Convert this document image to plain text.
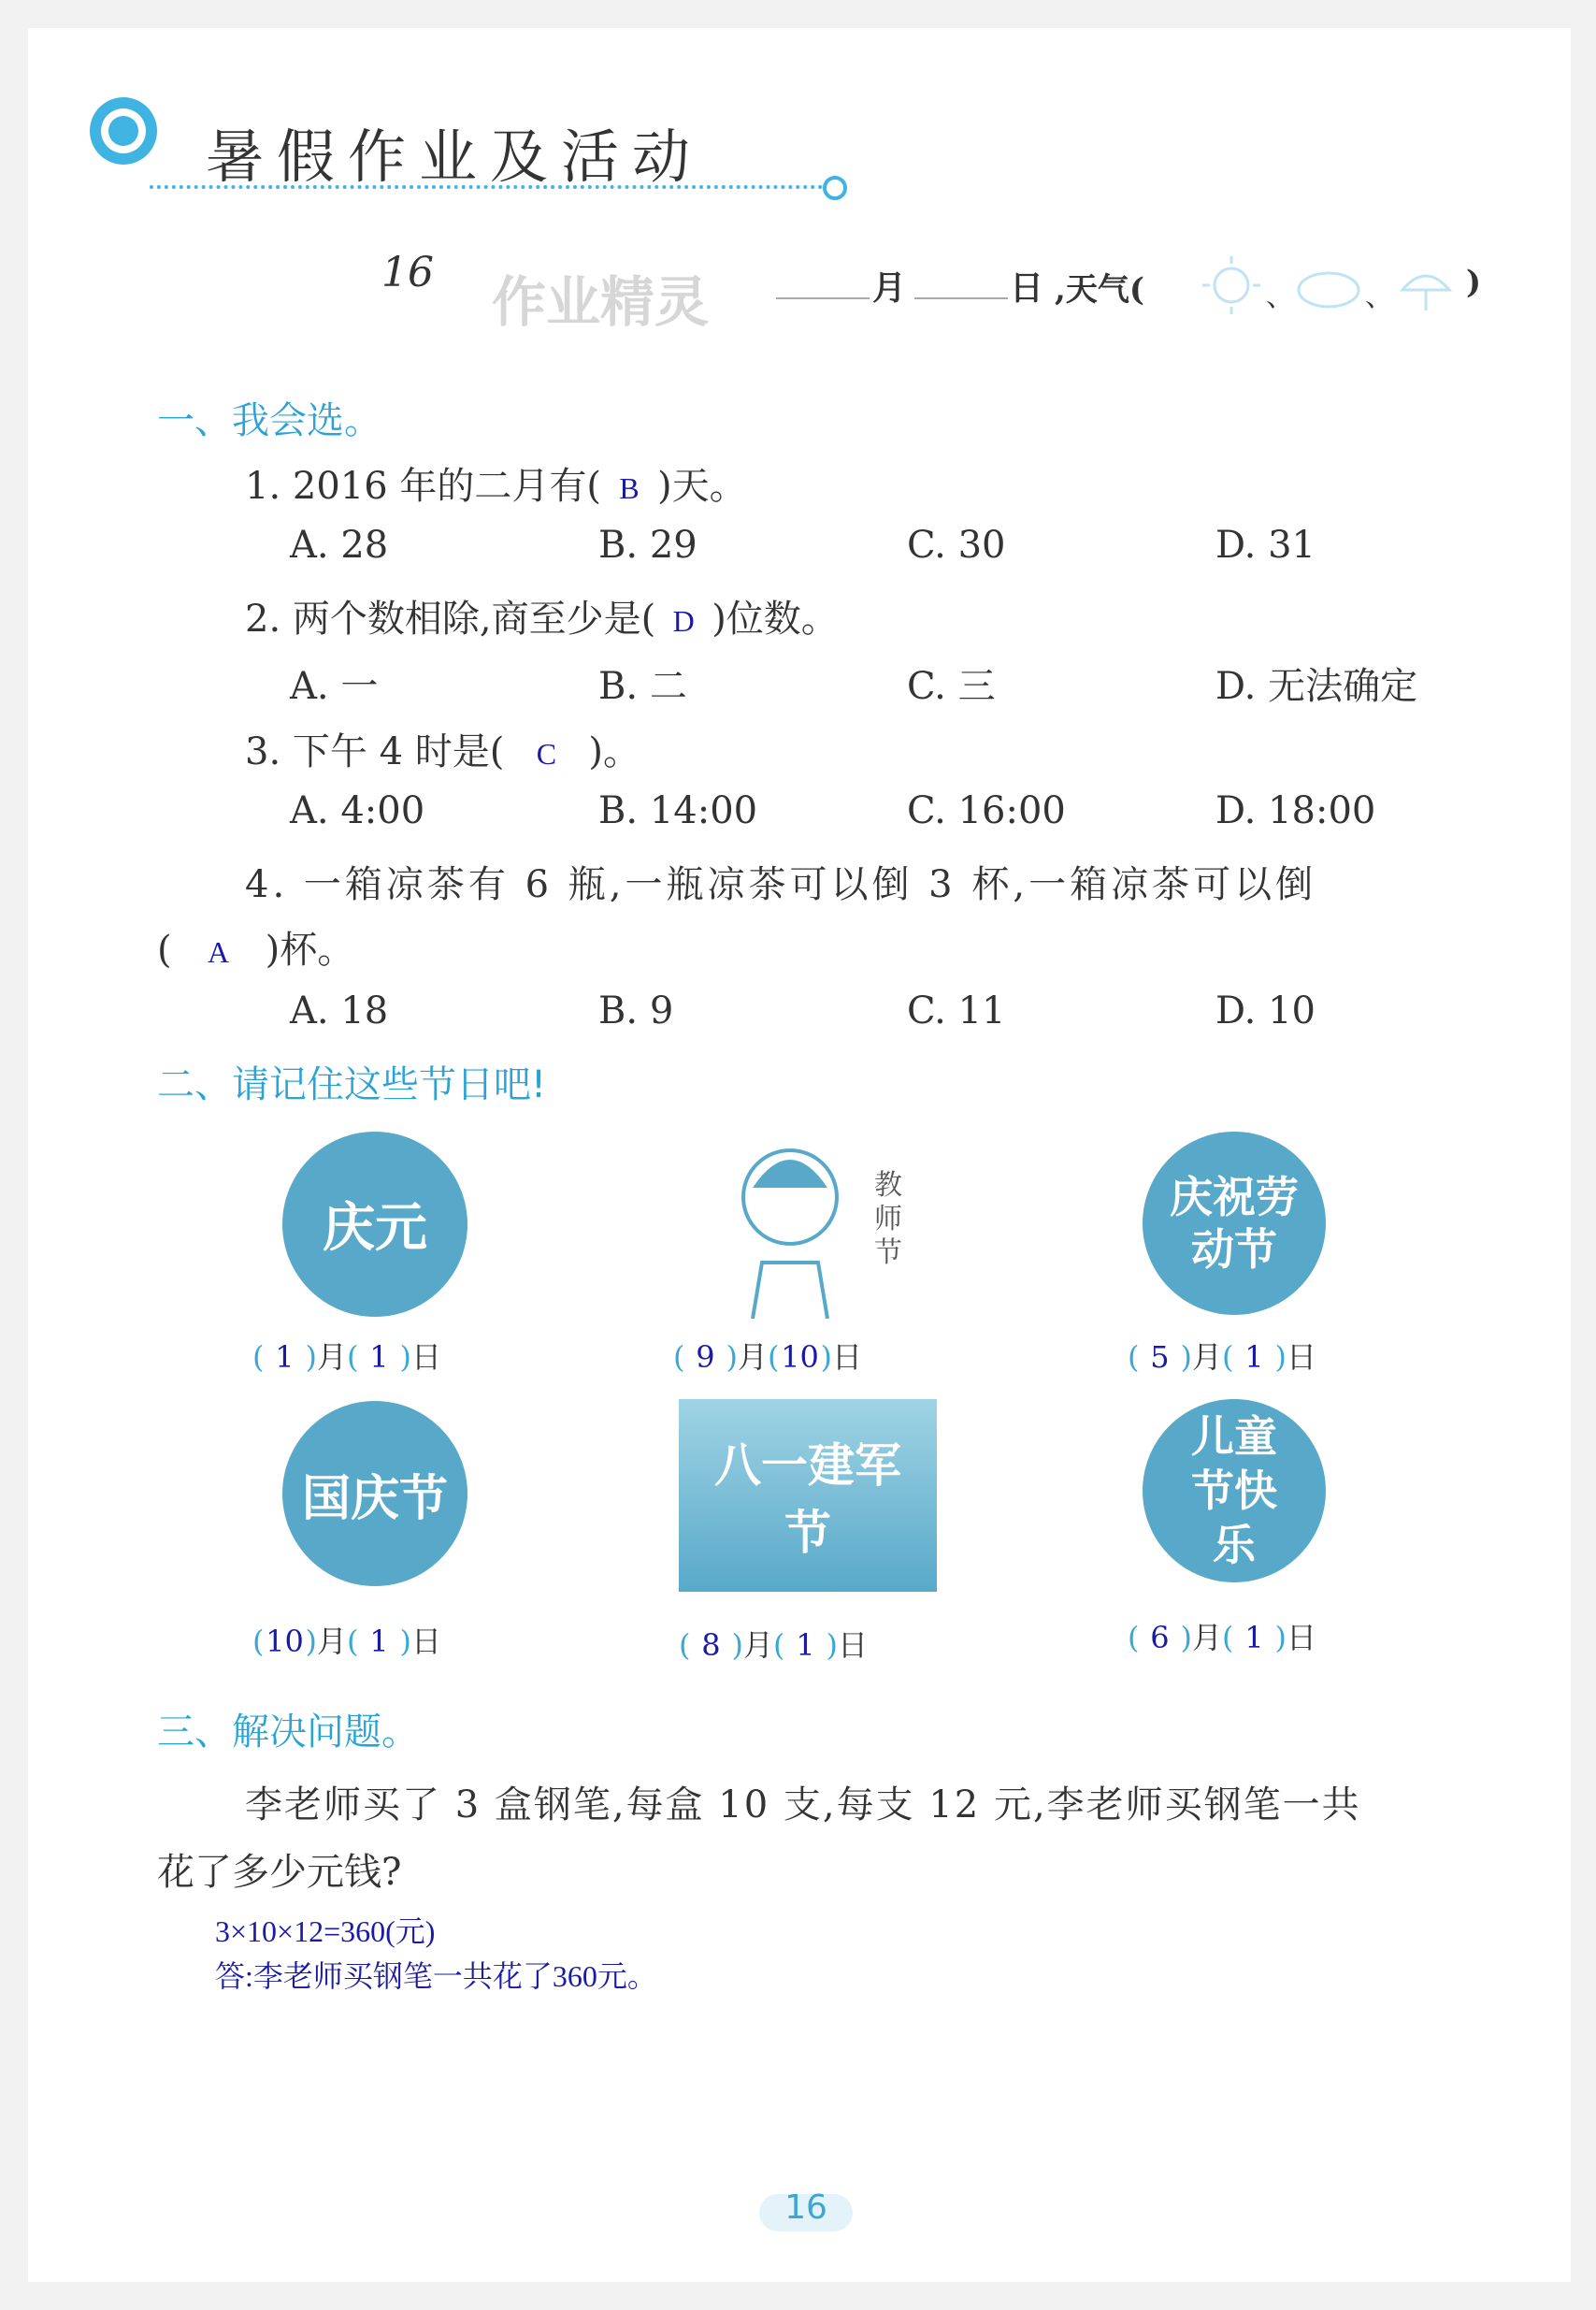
暑假作业及活动
16 作业精灵	月	日 ,天气(	、	、 )
一、我会选。
1. 2016 年的二月有( B )天。
A. 28	B. 29	C. 30	D. 31
2. 两个数相除,商至少是( D )位数。
A. 一	B. 二	C. 三	D. 无法确定
3. 下午 4 时是( C )。
A. 4:00	B. 14:00	C. 16:00	D. 18:00
4. 一箱凉茶有 6 瓶,一瓶凉茶可以倒 3 杯,一箱凉茶可以倒
( A )杯。
A. 18	B. 9	C. 11	D. 10
二、请记住这些节日吧!
庆元
教师节
庆祝劳动节
( 1 )月( 1 )日	( 9 )月(10)日	( 5 )月( 1 )日
国庆节
八一建军节
儿童节快乐
(10)月( 1 )日	( 8 )月( 1 )日	( 6 )月( 1 )日
三、解决问题。
李老师买了 3 盒钢笔,每盒 10 支,每支 12 元,李老师买钢笔一共
花了多少元钱?
3×10×12=360(元)
答:李老师买钢笔一共花了360元。
16
